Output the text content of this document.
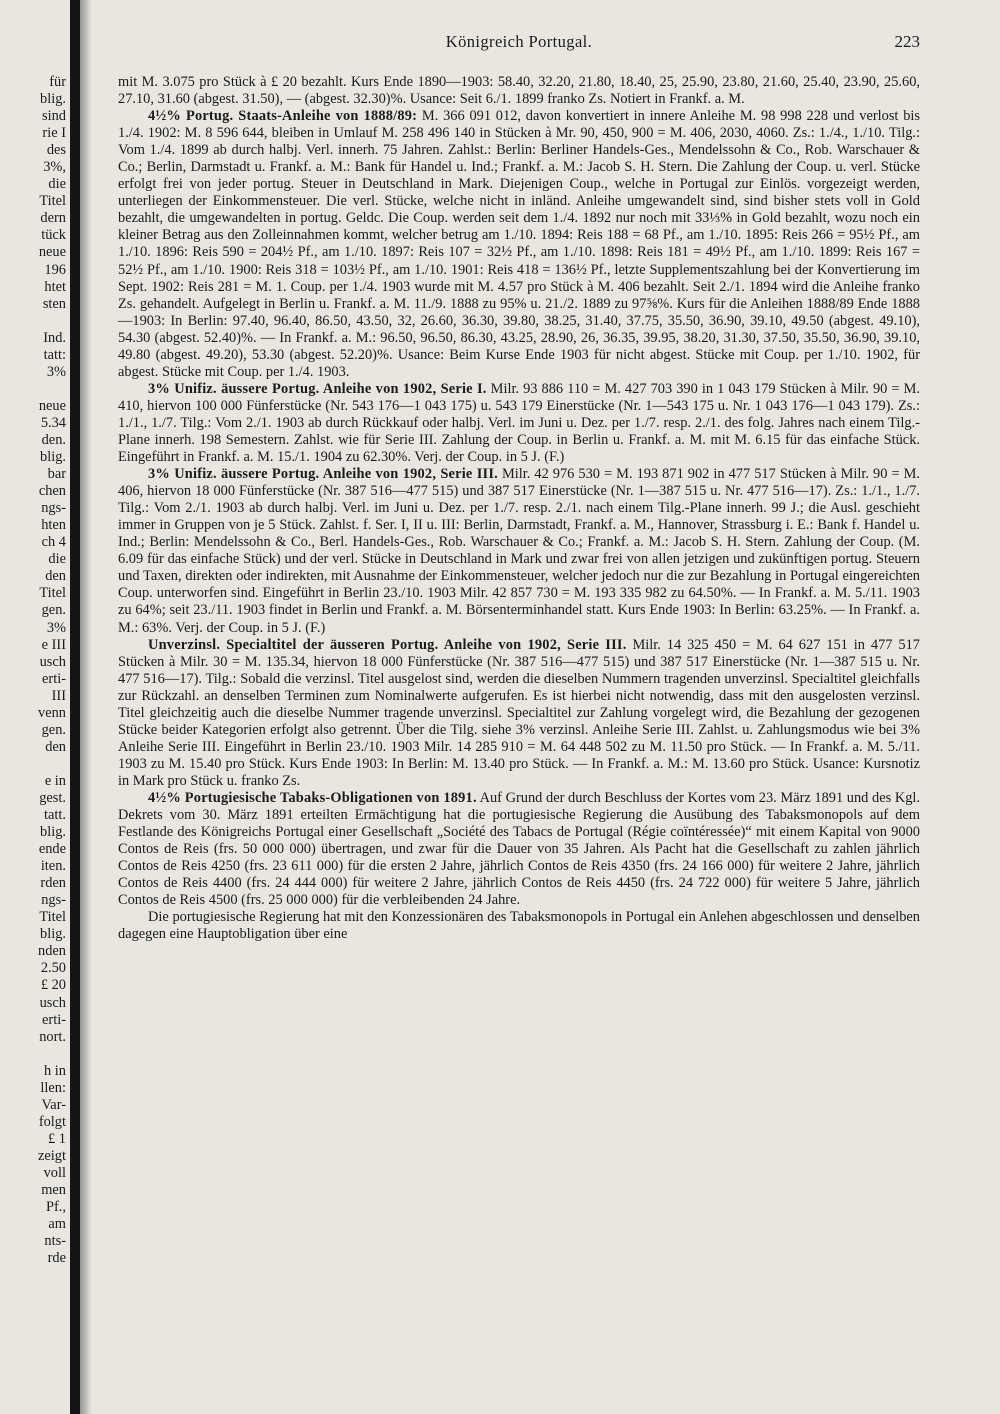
für
blig.
sind
rie I
des
3%,
die
Titel
dern
tück
neue
196
htet
sten

Ind.
tatt:
3%

neue
5.34
den.
blig.
bar
chen
ngs-
hten
ch 4
die
den
Titel
gen.
3%
e III
usch
erti-
III
venn
gen.
den

e in
gest.
tatt.
blig.
ende
iten.
rden
ngs-
Titel
blig.
nden
2.50
£ 20
usch
erti-
nort.

h in
llen:
Var-
folgt
£ 1
zeigt
voll
men
Pf.,
am
nts-
rde
Königreich Portugal.	223

mit M. 3.075 pro Stück à £ 20 bezahlt. Kurs Ende 1890—1903: 58.40, 32.20, 21.80, 18.40, 25, 25.90, 23.80, 21.60, 25.40, 23.90, 25.60, 27.10, 31.60 (abgest. 31.50), — (abgest. 32.30)%. Usance: Seit 6./1. 1899 franko Zs. Notiert in Frankf. a. M.

4½% Portug. Staats-Anleihe von 1888/89: M. 366 091 012, davon konvertiert in innere Anleihe M. 98 998 228 und verlost bis 1./4. 1902: M. 8 596 644, bleiben in Umlauf M. 258 496 140 in Stücken à Mr. 90, 450, 900 = M. 406, 2030, 4060. Zs.: 1./4., 1./10. Tilg.: Vom 1./4. 1899 ab durch halbj. Verl. innerh. 75 Jahren. Zahlst.: Berlin: Berliner Handels-Ges., Mendelssohn & Co., Rob. Warschauer & Co.; Berlin, Darmstadt u. Frankf. a. M.: Bank für Handel u. Ind.; Frankf. a. M.: Jacob S. H. Stern. Die Zahlung der Coup. u. verl. Stücke erfolgt frei von jeder portug. Steuer in Deutschland in Mark. Diejenigen Coup., welche in Portugal zur Einlös. vorgezeigt werden, unterliegen der Einkommensteuer. Die verl. Stücke, welche nicht in inländ. Anleihe umgewandelt sind, sind bisher stets voll in Gold bezahlt, die umgewandelten in portug. Geldc. Die Coup. werden seit dem 1./4. 1892 nur noch mit 33⅓% in Gold bezahlt, wozu noch ein kleiner Betrag aus den Zolleinnahmen kommt, welcher betrug am 1./10. 1894: Reis 188 = 68 Pf., am 1./10. 1895: Reis 266 = 95½ Pf., am 1./10. 1896: Reis 590 = 204½ Pf., am 1./10. 1897: Reis 107 = 32½ Pf., am 1./10. 1898: Reis 181 = 49½ Pf., am 1./10. 1899: Reis 167 = 52½ Pf., am 1./10. 1900: Reis 318 = 103½ Pf., am 1./10. 1901: Reis 418 = 136½ Pf., letzte Supplementszahlung bei der Konvertierung im Sept. 1902: Reis 281 = M. 1. Coup. per 1./4. 1903 wurde mit M. 4.57 pro Stück à M. 406 bezahlt. Seit 2./1. 1894 wird die Anleihe franko Zs. gehandelt. Aufgelegt in Berlin u. Frankf. a. M. 11./9. 1888 zu 95% u. 21./2. 1889 zu 97⅝%. Kurs für die Anleihen 1888/89 Ende 1888—1903: In Berlin: 97.40, 96.40, 86.50, 43.50, 32, 26.60, 36.30, 39.80, 38.25, 31.40, 37.75, 35.50, 36.90, 39.10, 49.50 (abgest. 49.10), 54.30 (abgest. 52.40)%. — In Frankf. a. M.: 96.50, 96.50, 86.30, 43.25, 28.90, 26, 36.35, 39.95, 38.20, 31.30, 37.50, 35.50, 36.90, 39.10, 49.80 (abgest. 49.20), 53.30 (abgest. 52.20)%. Usance: Beim Kurse Ende 1903 für nicht abgest. Stücke mit Coup. per 1./10. 1902, für abgest. Stücke mit Coup. per 1./4. 1903.

3% Unifiz. äussere Portug. Anleihe von 1902, Serie I. Milr. 93 886 110 = M. 427 703 390 in 1 043 179 Stücken à Milr. 90 = M. 410, hiervon 100 000 Fünferstücke (Nr. 543 176—1 043 175) u. 543 179 Einerstücke (Nr. 1—543 175 u. Nr. 1 043 176—1 043 179). Zs.: 1./1., 1./7. Tilg.: Vom 2./1. 1903 ab durch Rückkauf oder halbj. Verl. im Juni u. Dez. per 1./7. resp. 2./1. des folg. Jahres nach einem Tilg.-Plane innerh. 198 Semestern. Zahlst. wie für Serie III. Zahlung der Coup. in Berlin u. Frankf. a. M. mit M. 6.15 für das einfache Stück. Eingeführt in Frankf. a. M. 15./1. 1904 zu 62.30%. Verj. der Coup. in 5 J. (F.)

3% Unifiz. äussere Portug. Anleihe von 1902, Serie III. Milr. 42 976 530 = M. 193 871 902 in 477 517 Stücken à Milr. 90 = M. 406, hiervon 18 000 Fünferstücke (Nr. 387 516—477 515) und 387 517 Einerstücke (Nr. 1—387 515 u. Nr. 477 516—17). Zs.: 1./1., 1./7. Tilg.: Vom 2./1. 1903 ab durch halbj. Verl. im Juni u. Dez. per 1./7. resp. 2./1. nach einem Tilg.-Plane innerh. 99 J.; die Ausl. geschieht immer in Gruppen von je 5 Stück. Zahlst. f. Ser. I, II u. III: Berlin, Darmstadt, Frankf. a. M., Hannover, Strassburg i. E.: Bank f. Handel u. Ind.; Berlin: Mendelssohn & Co., Berl. Handels-Ges., Rob. Warschauer & Co.; Frankf. a. M.: Jacob S. H. Stern. Zahlung der Coup. (M. 6.09 für das einfache Stück) und der verl. Stücke in Deutschland in Mark und zwar frei von allen jetzigen und zukünftigen portug. Steuern und Taxen, direkten oder indirekten, mit Ausnahme der Einkommensteuer, welcher jedoch nur die zur Bezahlung in Portugal eingereichten Coup. unterworfen sind. Eingeführt in Berlin 23./10. 1903 Milr. 42 857 730 = M. 193 335 982 zu 64.50%. — In Frankf. a. M. 5./11. 1903 zu 64%; seit 23./11. 1903 findet in Berlin und Frankf. a. M. Börsenterminhandel statt. Kurs Ende 1903: In Berlin: 63.25%. — In Frankf. a. M.: 63%. Verj. der Coup. in 5 J. (F.)

Unverzinsl. Specialtitel der äusseren Portug. Anleihe von 1902, Serie III. Milr. 14 325 450 = M. 64 627 151 in 477 517 Stücken à Milr. 30 = M. 135.34, hiervon 18 000 Fünferstücke (Nr. 387 516—477 515) und 387 517 Einerstücke (Nr. 1—387 515 u. Nr. 477 516—17). Tilg.: Sobald die verzinsl. Titel ausgelost sind, werden die dieselben Nummern tragenden unverzinsl. Specialtitel gleichfalls zur Rückzahl. an denselben Terminen zum Nominalwerte aufgerufen. Es ist hierbei nicht notwendig, dass mit den ausgelosten verzinsl. Titel gleichzeitig auch die dieselbe Nummer tragende unverzinsl. Specialtitel zur Zahlung vorgelegt wird, die Bezahlung der gezogenen Stücke beider Kategorien erfolgt also getrennt. Über die Tilg. siehe 3% verzinsl. Anleihe Serie III. Zahlst. u. Zahlungsmodus wie bei 3% Anleihe Serie III. Eingeführt in Berlin 23./10. 1903 Milr. 14 285 910 = M. 64 448 502 zu M. 11.50 pro Stück. — In Frankf. a. M. 5./11. 1903 zu M. 15.40 pro Stück. Kurs Ende 1903: In Berlin: M. 13.40 pro Stück. — In Frankf. a. M.: M. 13.60 pro Stück. Usance: Kursnotiz in Mark pro Stück u. franko Zs.

4½% Portugiesische Tabaks-Obligationen von 1891. Auf Grund der durch Beschluss der Kortes vom 23. März 1891 und des Kgl. Dekrets vom 30. März 1891 erteilten Ermächtigung hat die portugiesische Regierung die Ausübung des Tabaksmonopols auf dem Festlande des Königreichs Portugal einer Gesellschaft „Société des Tabacs de Portugal (Régie coïntéressée)“ mit einem Kapital von 9000 Contos de Reis (frs. 50 000 000) übertragen, und zwar für die Dauer von 35 Jahren. Als Pacht hat die Gesellschaft zu zahlen jährlich Contos de Reis 4250 (frs. 23 611 000) für die ersten 2 Jahre, jährlich Contos de Reis 4350 (frs. 24 166 000) für weitere 2 Jahre, jährlich Contos de Reis 4400 (frs. 24 444 000) für weitere 2 Jahre, jährlich Contos de Reis 4450 (frs. 24 722 000) für weitere 5 Jahre, jährlich Contos de Reis 4500 (frs. 25 000 000) für die verbleibenden 24 Jahre.

Die portugiesische Regierung hat mit den Konzessionären des Tabaksmonopols in Portugal ein Anlehen abgeschlossen und denselben dagegen eine Hauptobligation über eine
